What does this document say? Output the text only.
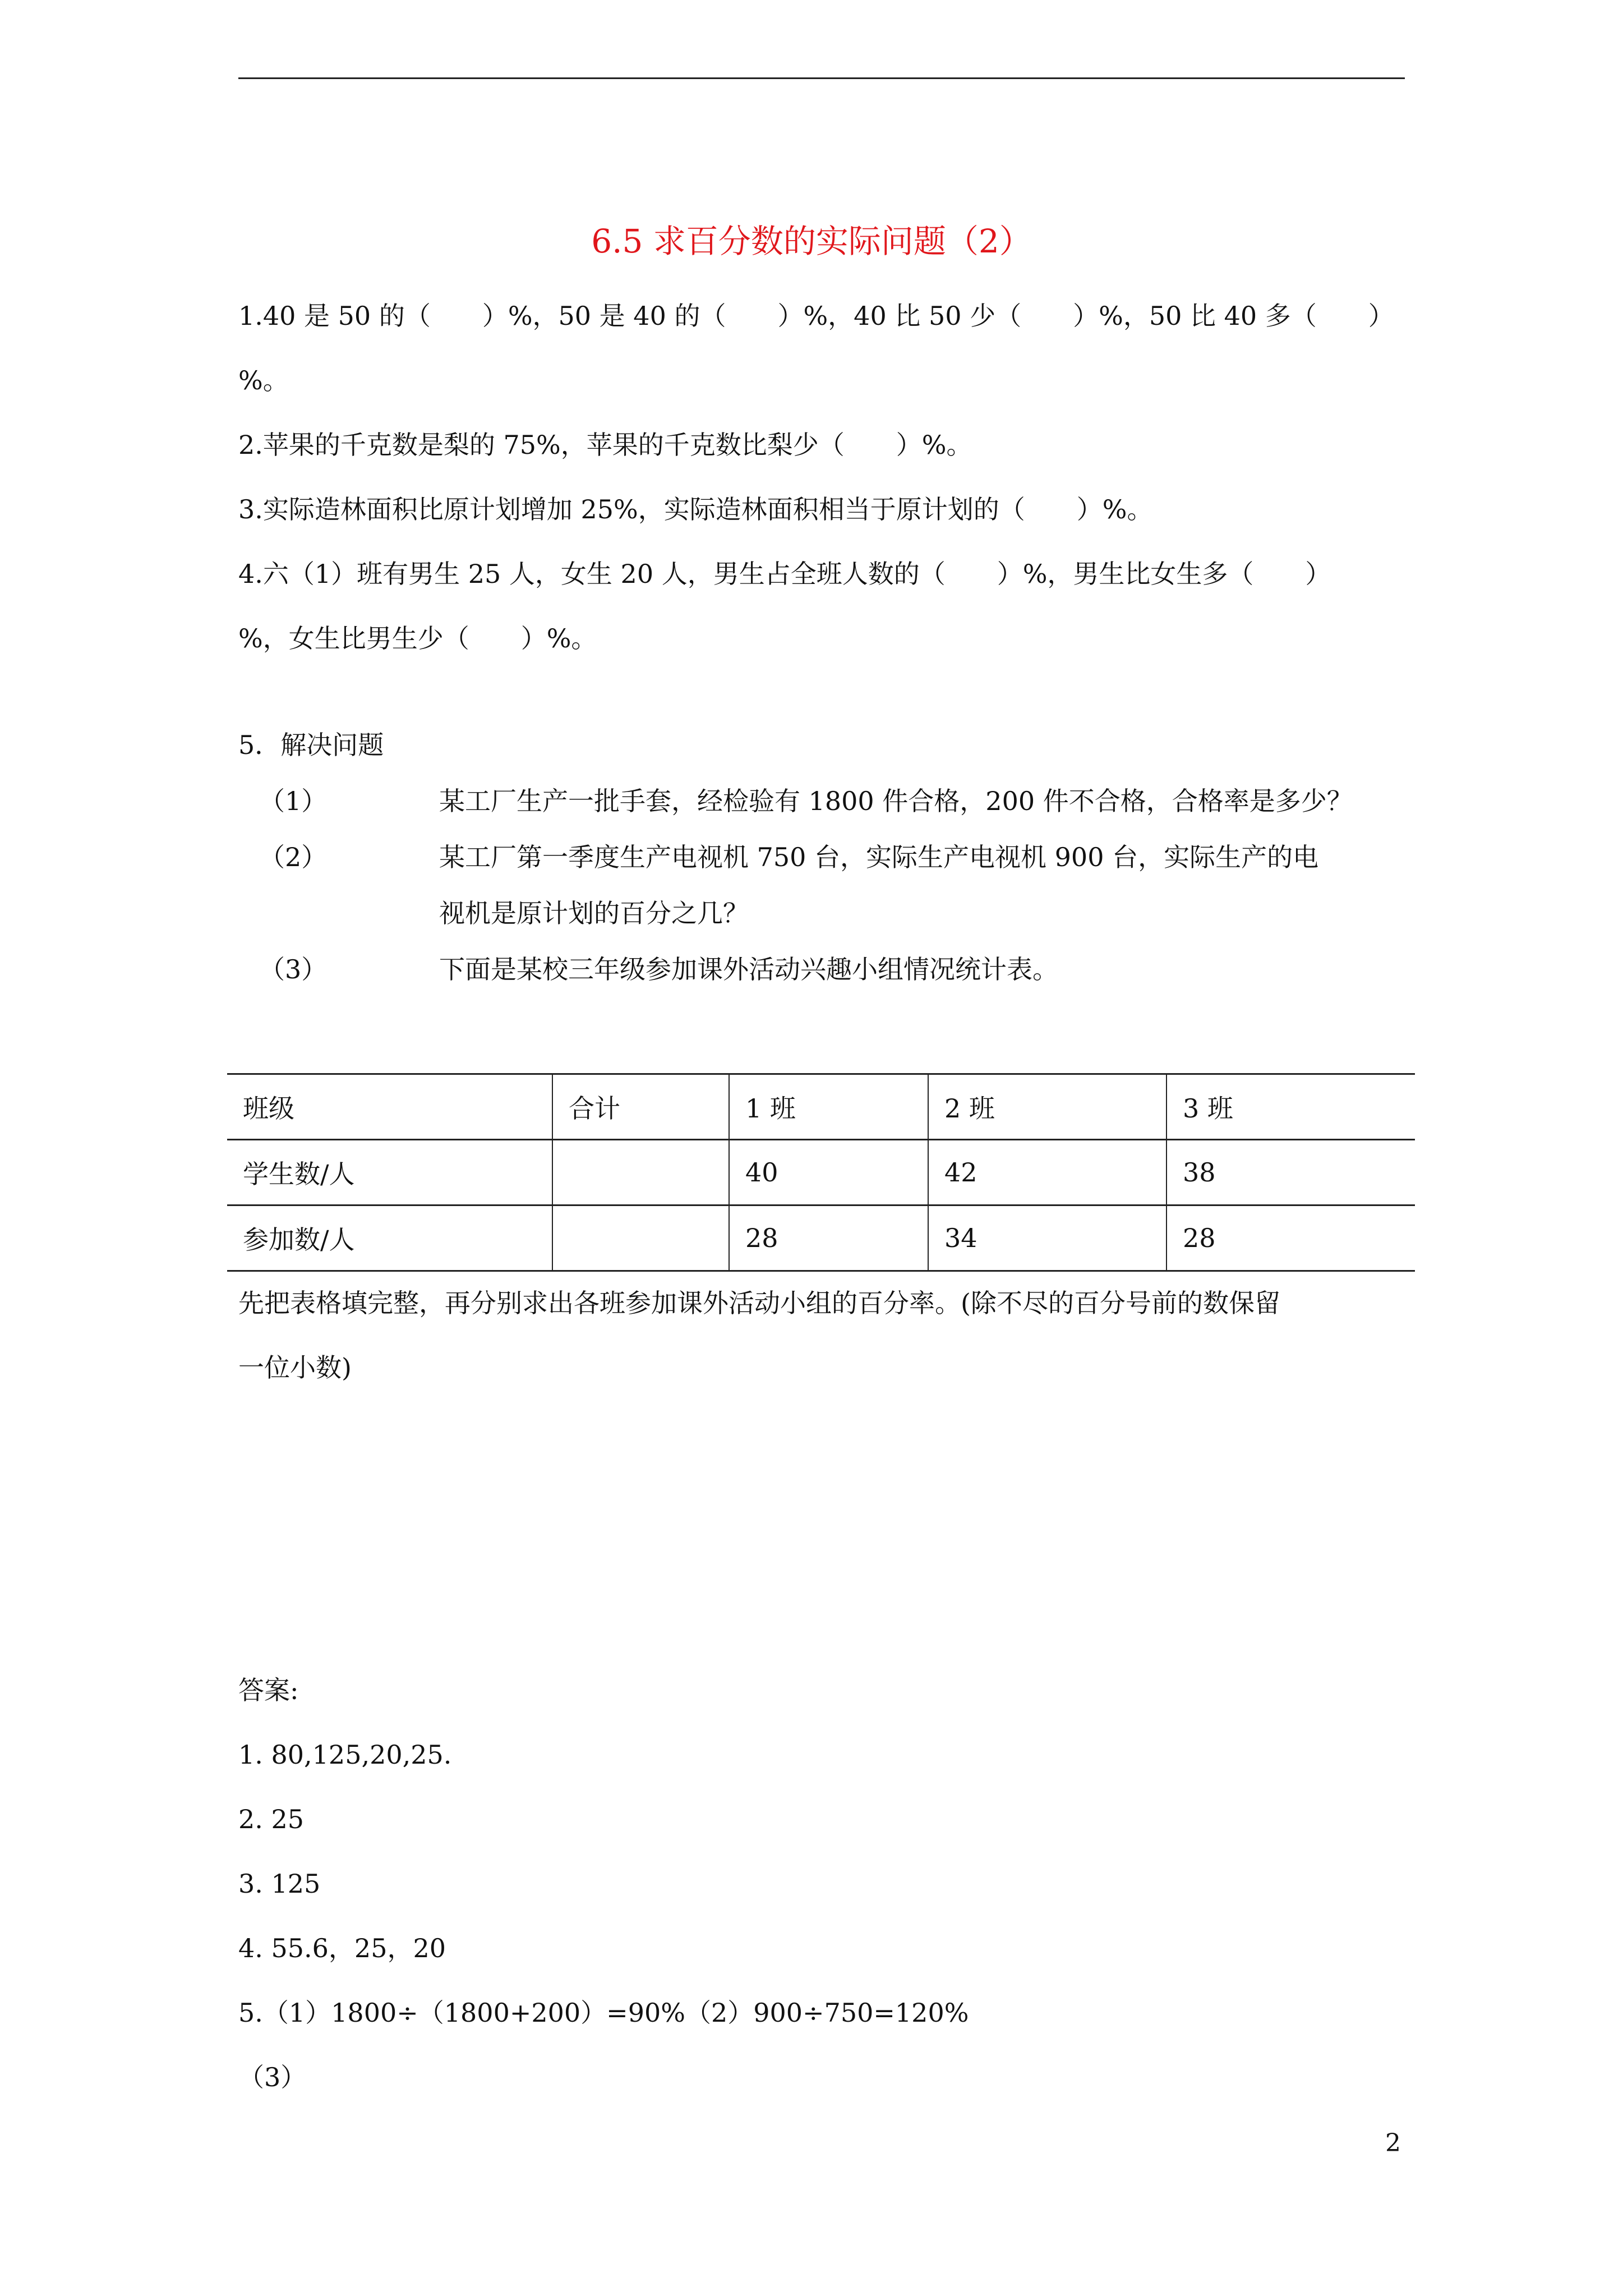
6.5 求百分数的实际问题（2）
1.40 是 50 的（　　）%，50 是 40 的（　　）%，40 比 50 少（　　）%，50 比 40 多（　　）
%。
2.苹果的千克数是梨的 75%，苹果的千克数比梨少（　　）%。
3.实际造林面积比原计划增加 25%，实际造林面积相当于原计划的（　　）%。
4.六（1）班有男生 25 人，女生 20 人，男生占全班人数的（　　）%，男生比女生多（　　）
%，女生比男生少（　　）%。
5．解决问题
（1）	某工厂生产一批手套，经检验有 1800 件合格，200 件不合格，合格率是多少？
（2）	某工厂第一季度生产电视机 750 台，实际生产电视机 900 台，实际生产的电
视机是原计划的百分之几？
（3）	下面是某校三年级参加课外活动兴趣小组情况统计表。
班级	合计	1 班	2 班	3 班
学生数/人		40	42	38
参加数/人		28	34	28
先把表格填完整，再分别求出各班参加课外活动小组的百分率。(除不尽的百分号前的数保留
一位小数)
答案:
1. 80,125,20,25.
2. 25
3. 125
4. 55.6，25，20
5.（1）1800÷（1800+200）=90%（2）900÷750=120%
（3）
2
